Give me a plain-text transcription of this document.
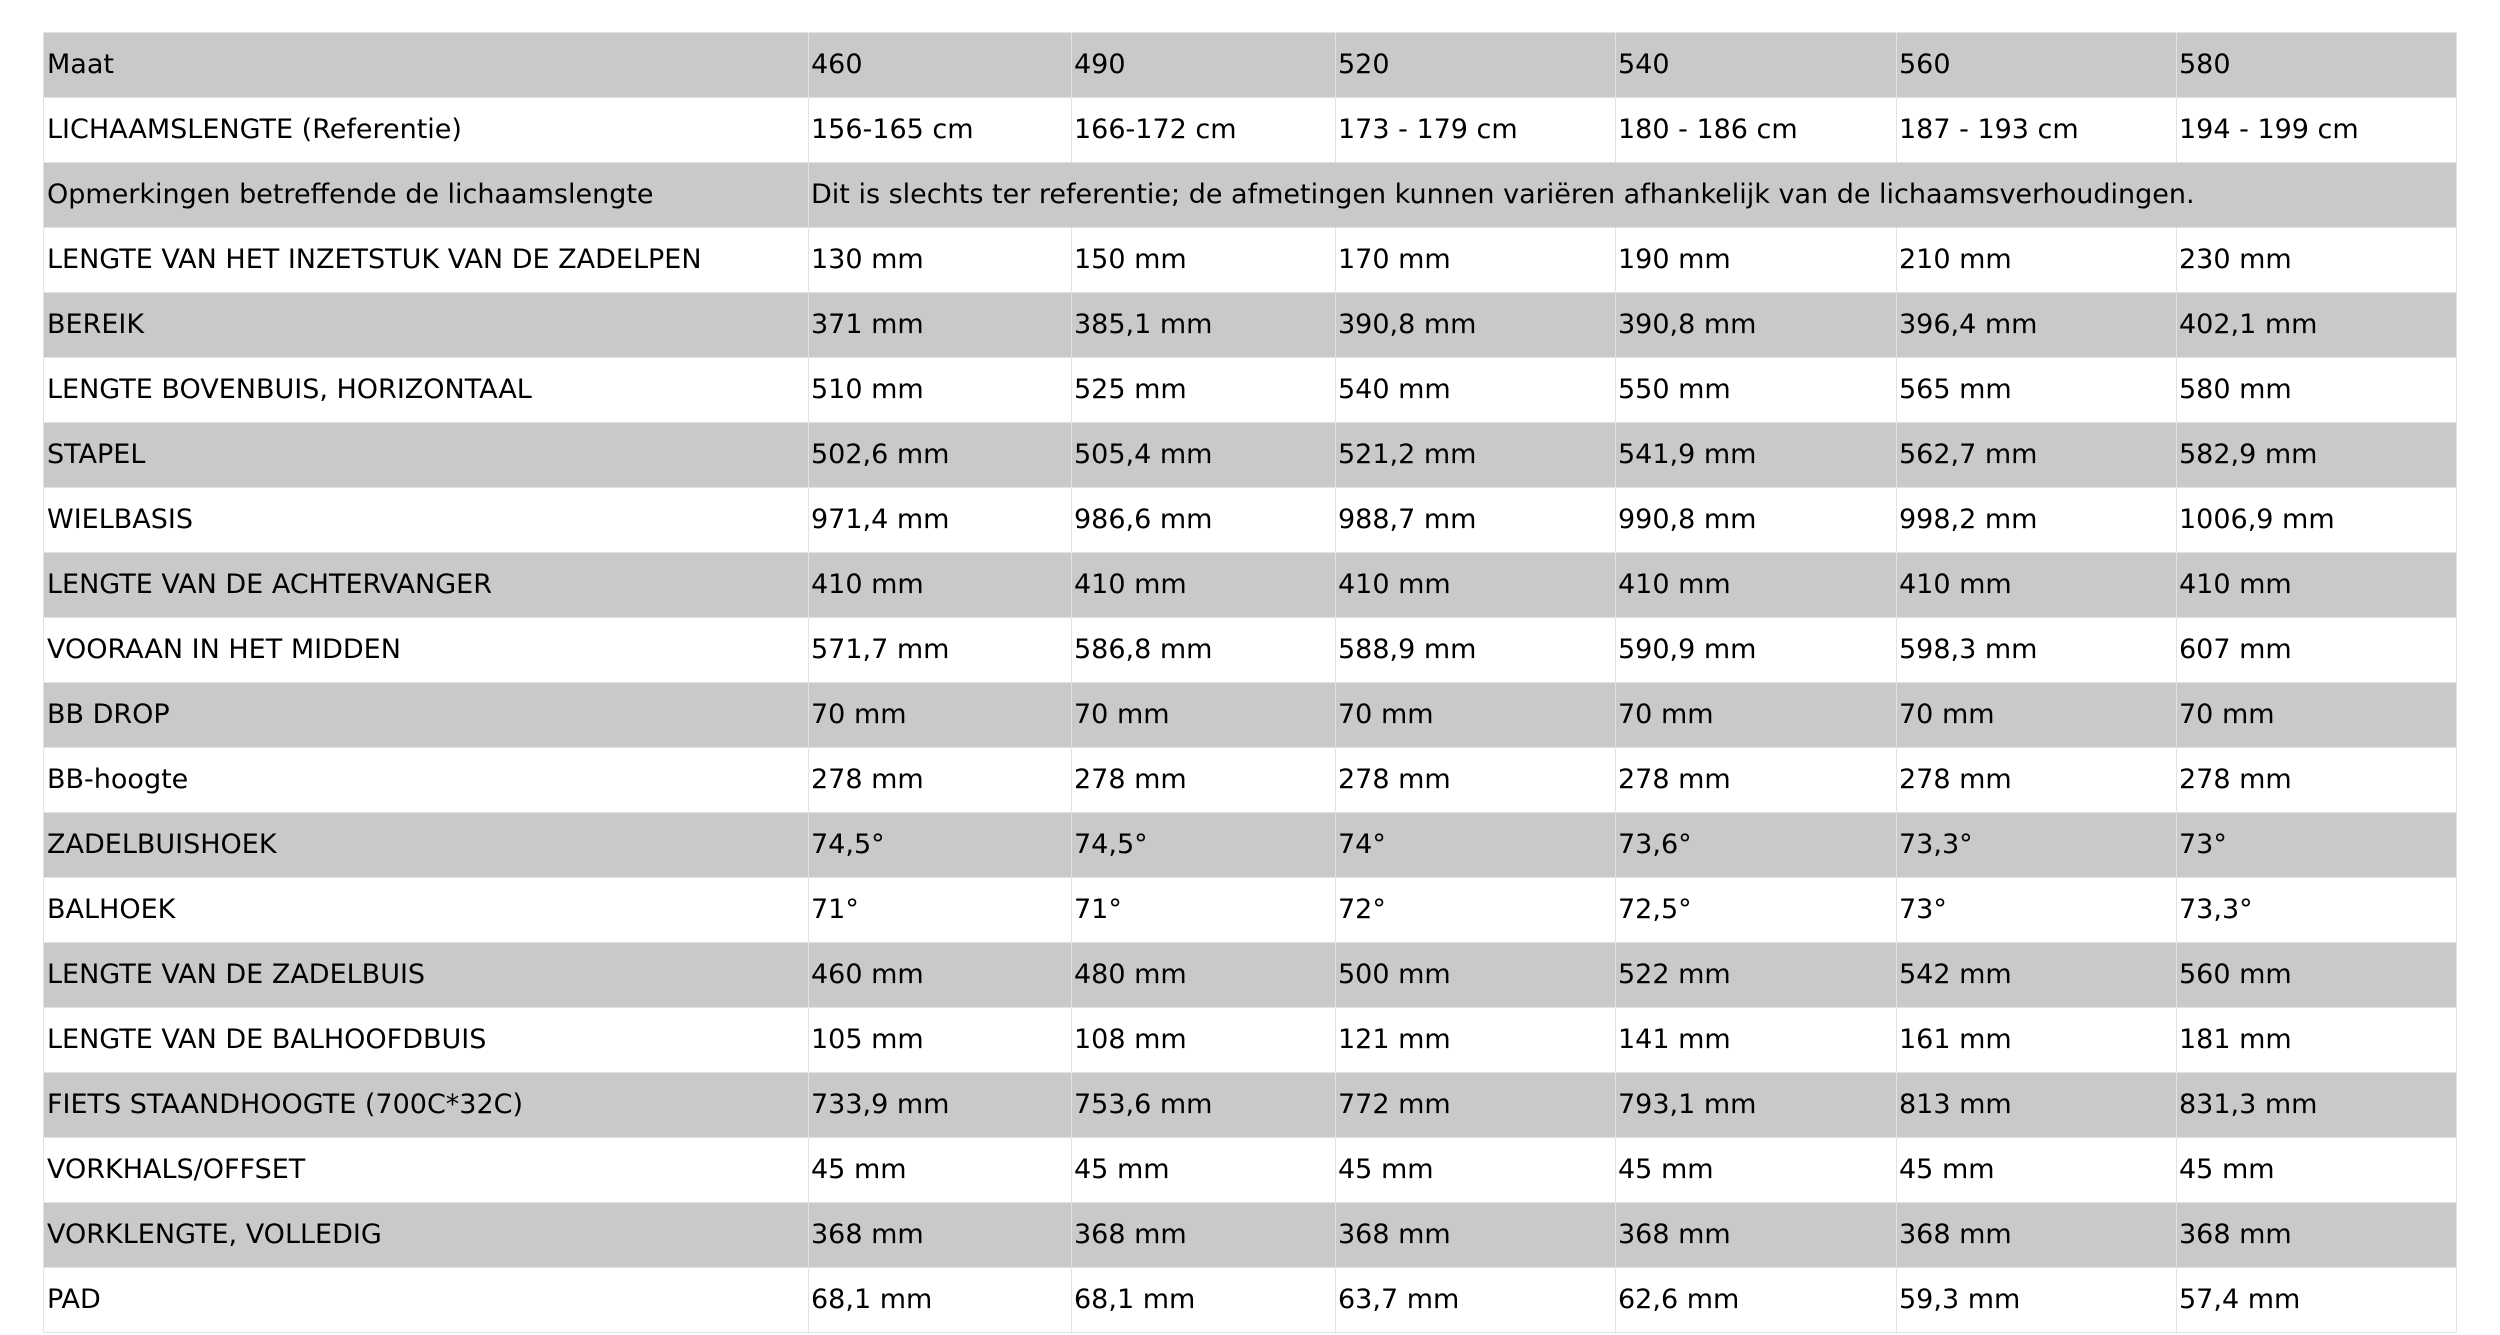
Maat	460	490	520	540	560	580
LICHAAMSLENGTE (Referentie)	156-165 cm	166-172 cm	173 - 179 cm	180 - 186 cm	187 - 193 cm	194 - 199 cm
Opmerkingen betreffende de lichaamslengte	Dit is slechts ter referentie; de afmetingen kunnen variëren afhankelijk van de lichaamsverhoudingen.					
LENGTE VAN HET INZETSTUK VAN DE ZADELPEN	130 mm	150 mm	170 mm	190 mm	210 mm	230 mm
BEREIK	371 mm	385,1 mm	390,8 mm	390,8 mm	396,4 mm	402,1 mm
LENGTE BOVENBUIS, HORIZONTAAL	510 mm	525 mm	540 mm	550 mm	565 mm	580 mm
STAPEL	502,6 mm	505,4 mm	521,2 mm	541,9 mm	562,7 mm	582,9 mm
WIELBASIS	971,4 mm	986,6 mm	988,7 mm	990,8 mm	998,2 mm	1006,9 mm
LENGTE VAN DE ACHTERVANGER	410 mm	410 mm	410 mm	410 mm	410 mm	410 mm
VOORAAN IN HET MIDDEN	571,7 mm	586,8 mm	588,9 mm	590,9 mm	598,3 mm	607 mm
BB DROP	70 mm	70 mm	70 mm	70 mm	70 mm	70 mm
BB-hoogte	278 mm	278 mm	278 mm	278 mm	278 mm	278 mm
ZADELBUISHOEK	74,5°	74,5°	74°	73,6°	73,3°	73°
BALHOEK	71°	71°	72°	72,5°	73°	73,3°
LENGTE VAN DE ZADELBUIS	460 mm	480 mm	500 mm	522 mm	542 mm	560 mm
LENGTE VAN DE BALHOOFDBUIS	105 mm	108 mm	121 mm	141 mm	161 mm	181 mm
FIETS STAANDHOOGTE (700C*32C)	733,9 mm	753,6 mm	772 mm	793,1 mm	813 mm	831,3 mm
VORKHALS/OFFSET	45 mm	45 mm	45 mm	45 mm	45 mm	45 mm
VORKLENGTE, VOLLEDIG	368 mm	368 mm	368 mm	368 mm	368 mm	368 mm
PAD	68,1 mm	68,1 mm	63,7 mm	62,6 mm	59,3 mm	57,4 mm
